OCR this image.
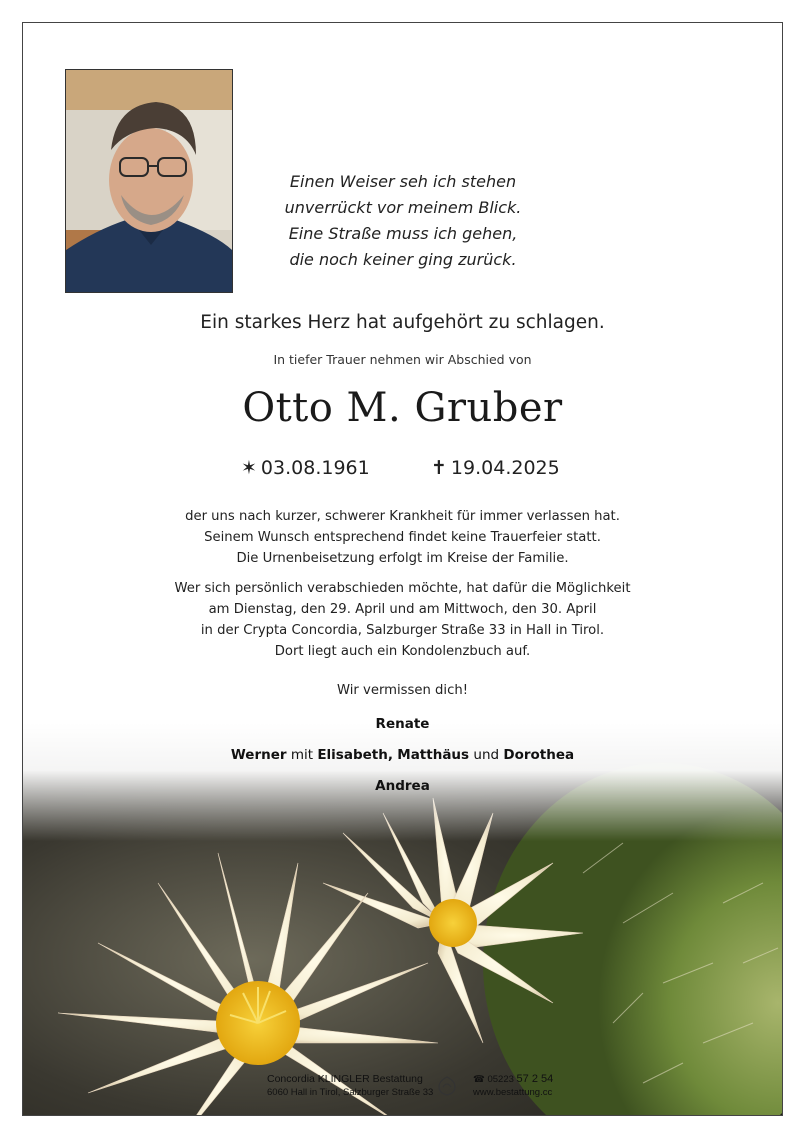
Einen Weiser seh ich stehen
unverrückt vor meinem Blick.
Eine Straße muss ich gehen,
die noch keiner ging zurück.
Ein starkes Herz hat aufgehört zu schlagen.
In tiefer Trauer nehmen wir Abschied von
Otto M. Gruber
✶ 03.08.1961	✝ 19.04.2025
der uns nach kurzer, schwerer Krankheit für immer verlassen hat.
Seinem Wunsch entsprechend findet keine Trauerfeier statt.
Die Urnenbeisetzung erfolgt im Kreise der Familie.
Wer sich persönlich verabschieden möchte, hat dafür die Möglichkeit
am Dienstag, den 29. April und am Mittwoch, den 30. April
in der Crypta Concordia, Salzburger Straße 33 in Hall in Tirol.
Dort liegt auch ein Kondolenzbuch auf.
Wir vermissen dich!
Renate
Werner mit Elisabeth, Matthäus und Dorothea
Andrea
Concordia KLINGLER Bestattung
6060 Hall in Tirol, Salzburger Straße 33
☎ 05223 57 2 54
www.bestattung.cc
